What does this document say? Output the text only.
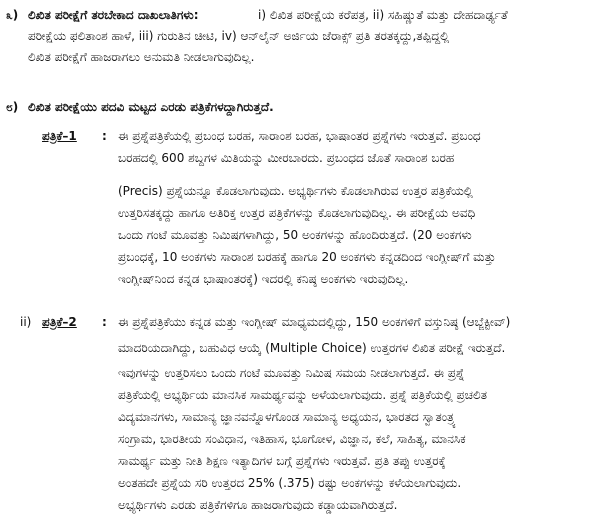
೩) ಲಿಖಿತ ಪರೀಕ್ಷೆಗೆ ತರಬೇಕಾದ ದಾಖಲಾತಿಗಳು:	i) ಲಿಖಿತ ಪರೀಕ್ಷೆಯ ಕರೆಪತ್ರ, ii) ಸಹಿಷ್ಣುತೆ ಮತ್ತು ದೇಹದಾರ್ಢ್ಯತೆ
ಪರೀಕ್ಷೆಯ ಫಲಿತಾಂಶ ಹಾಳೆ, iii) ಗುರುತಿನ ಚೀಟಿ, iv) ಆನ್‌ಲೈನ್ ಅರ್ಜಿಯ ಜೆರಾಕ್ಸ್ ಪ್ರತಿ ತರತಕ್ಕದ್ದು,ತಪ್ಪಿದ್ದಲ್ಲಿ
ಲಿಖಿತ ಪರೀಕ್ಷೆಗೆ ಹಾಜರಾಗಲು ಅನುಮತಿ ನೀಡಲಾಗುವುದಿಲ್ಲ.
೮) ಲಿಖಿತ ಪರೀಕ್ಷೆಯು ಪದವಿ ಮಟ್ಟದ ಎರಡು ಪತ್ರಿಕೆಗಳದ್ದಾಗಿರುತ್ತದೆ.
ಪತ್ರಿಕೆ–1 : ಈ ಪ್ರಶ್ನೆಪತ್ರಿಕೆಯಲ್ಲಿ ಪ್ರಬಂಧ ಬರಹ, ಸಾರಾಂಶ ಬರಹ, ಭಾಷಾಂತರ ಪ್ರಶ್ನೆಗಳು ಇರುತ್ತವೆ. ಪ್ರಬಂಧ
ಬರಹದಲ್ಲಿ 600 ಶಬ್ದಗಳ ಮಿತಿಯನ್ನು ಮೀರಬಾರದು. ಪ್ರಬಂಧದ ಜೊತೆ ಸಾರಾಂಶ ಬರಹ
(Precis) ಪ್ರಶ್ನೆಯನ್ನೂ ಕೊಡಲಾಗುವುದು. ಅಭ್ಯರ್ಥಿಗಳು ಕೊಡಲಾಗಿರುವ ಉತ್ತರ ಪತ್ರಿಕೆಯಲ್ಲಿ
ಉತ್ತರಿಸತಕ್ಕದ್ದು ಹಾಗೂ ಅತಿರಿಕ್ತ ಉತ್ತರ ಪತ್ರಿಕೆಗಳನ್ನು ಕೊಡಲಾಗುವುದಿಲ್ಲ. ಈ ಪರೀಕ್ಷೆಯ ಅವಧಿ
ಒಂದು ಗಂಟೆ ಮೂವತ್ತು ನಿಮಿಷಗಳಾಗಿದ್ದು, 50 ಅಂಕಗಳನ್ನು ಹೊಂದಿರುತ್ತದೆ. (20 ಅಂಕಗಳು
ಪ್ರಬಂಧಕ್ಕೆ, 10 ಅಂಕಗಳು ಸಾರಾಂಶ ಬರಹಕ್ಕೆ ಹಾಗೂ 20 ಅಂಕಗಳು ಕನ್ನಡದಿಂದ ಇಂಗ್ಲೀಷ್‌ಗೆ ಮತ್ತು
ಇಂಗ್ಲೀಷ್‌ನಿಂದ ಕನ್ನಡ ಭಾಷಾಂತರಕ್ಕೆ) ಇದರಲ್ಲಿ ಕನಿಷ್ಠ ಅಂಕಗಳು ಇರುವುದಿಲ್ಲ.
ii) ಪತ್ರಿಕೆ–2 : ಈ ಪ್ರಶ್ನೆಪತ್ರಿಕೆಯು ಕನ್ನಡ ಮತ್ತು ಇಂಗ್ಲೀಷ್ ಮಾಧ್ಯಮದಲ್ಲಿದ್ದು, 150 ಅಂಕಗಳಿಗೆ ವಸ್ತುನಿಷ್ಠ (ಆಬ್ಜೆಕ್ಟೀವ್)
ಮಾದರಿಯದಾಗಿದ್ದು, ಬಹುವಿಧ ಆಯ್ಕೆ (Multiple Choice) ಉತ್ತರಗಳ ಲಿಖಿತ ಪರೀಕ್ಷೆ ಇರುತ್ತದೆ.
ಇವುಗಳನ್ನು ಉತ್ತರಿಸಲು ಒಂದು ಗಂಟೆ ಮೂವತ್ತು ನಿಮಿಷ ಸಮಯ ನೀಡಲಾಗುತ್ತದೆ. ಈ ಪ್ರಶ್ನೆ
ಪತ್ರಿಕೆಯಲ್ಲಿ ಅಭ್ಯರ್ಥಿಯ ಮಾನಸಿಕ ಸಾಮರ್ಥ್ಯವನ್ನು ಅಳೆಯಲಾಗುವುದು. ಪ್ರಶ್ನೆ ಪತ್ರಿಕೆಯಲ್ಲಿ ಪ್ರಚಲಿತ
ವಿದ್ಯಮಾನಗಳು, ಸಾಮಾನ್ಯ ಜ್ಞಾನವನ್ನೊಳಗೊಂಡ ಸಾಮಾನ್ಯ ಅಧ್ಯಯನ, ಭಾರತದ ಸ್ವಾತಂತ್ರ್ಯ
ಸಂಗ್ರಾಮ, ಭಾರತೀಯ ಸಂವಿಧಾನ, ಇತಿಹಾಸ, ಭೂಗೋಳ, ವಿಜ್ಞಾನ, ಕಲೆ, ಸಾಹಿತ್ಯ, ಮಾನಸಿಕ
ಸಾಮರ್ಥ್ಯ ಮತ್ತು ನೀತಿ ಶಿಕ್ಷಣ ಇತ್ಯಾದಿಗಳ ಬಗ್ಗೆ ಪ್ರಶ್ನೆಗಳು ಇರುತ್ತವೆ. ಪ್ರತಿ ತಪ್ಪು ಉತ್ತರಕ್ಕೆ
ಅಂತಹದೇ ಪ್ರಶ್ನೆಯ ಸರಿ ಉತ್ತರದ 25% (.375) ರಷ್ಟು ಅಂಕಗಳನ್ನು ಕಳೆಯಲಾಗುವುದು.
ಅಭ್ಯರ್ಥಿಗಳು ಎರಡು ಪತ್ರಿಕೆಗಳಿಗೂ ಹಾಜರಾಗುವುದು ಕಡ್ಡಾಯವಾಗಿರುತ್ತದೆ.
